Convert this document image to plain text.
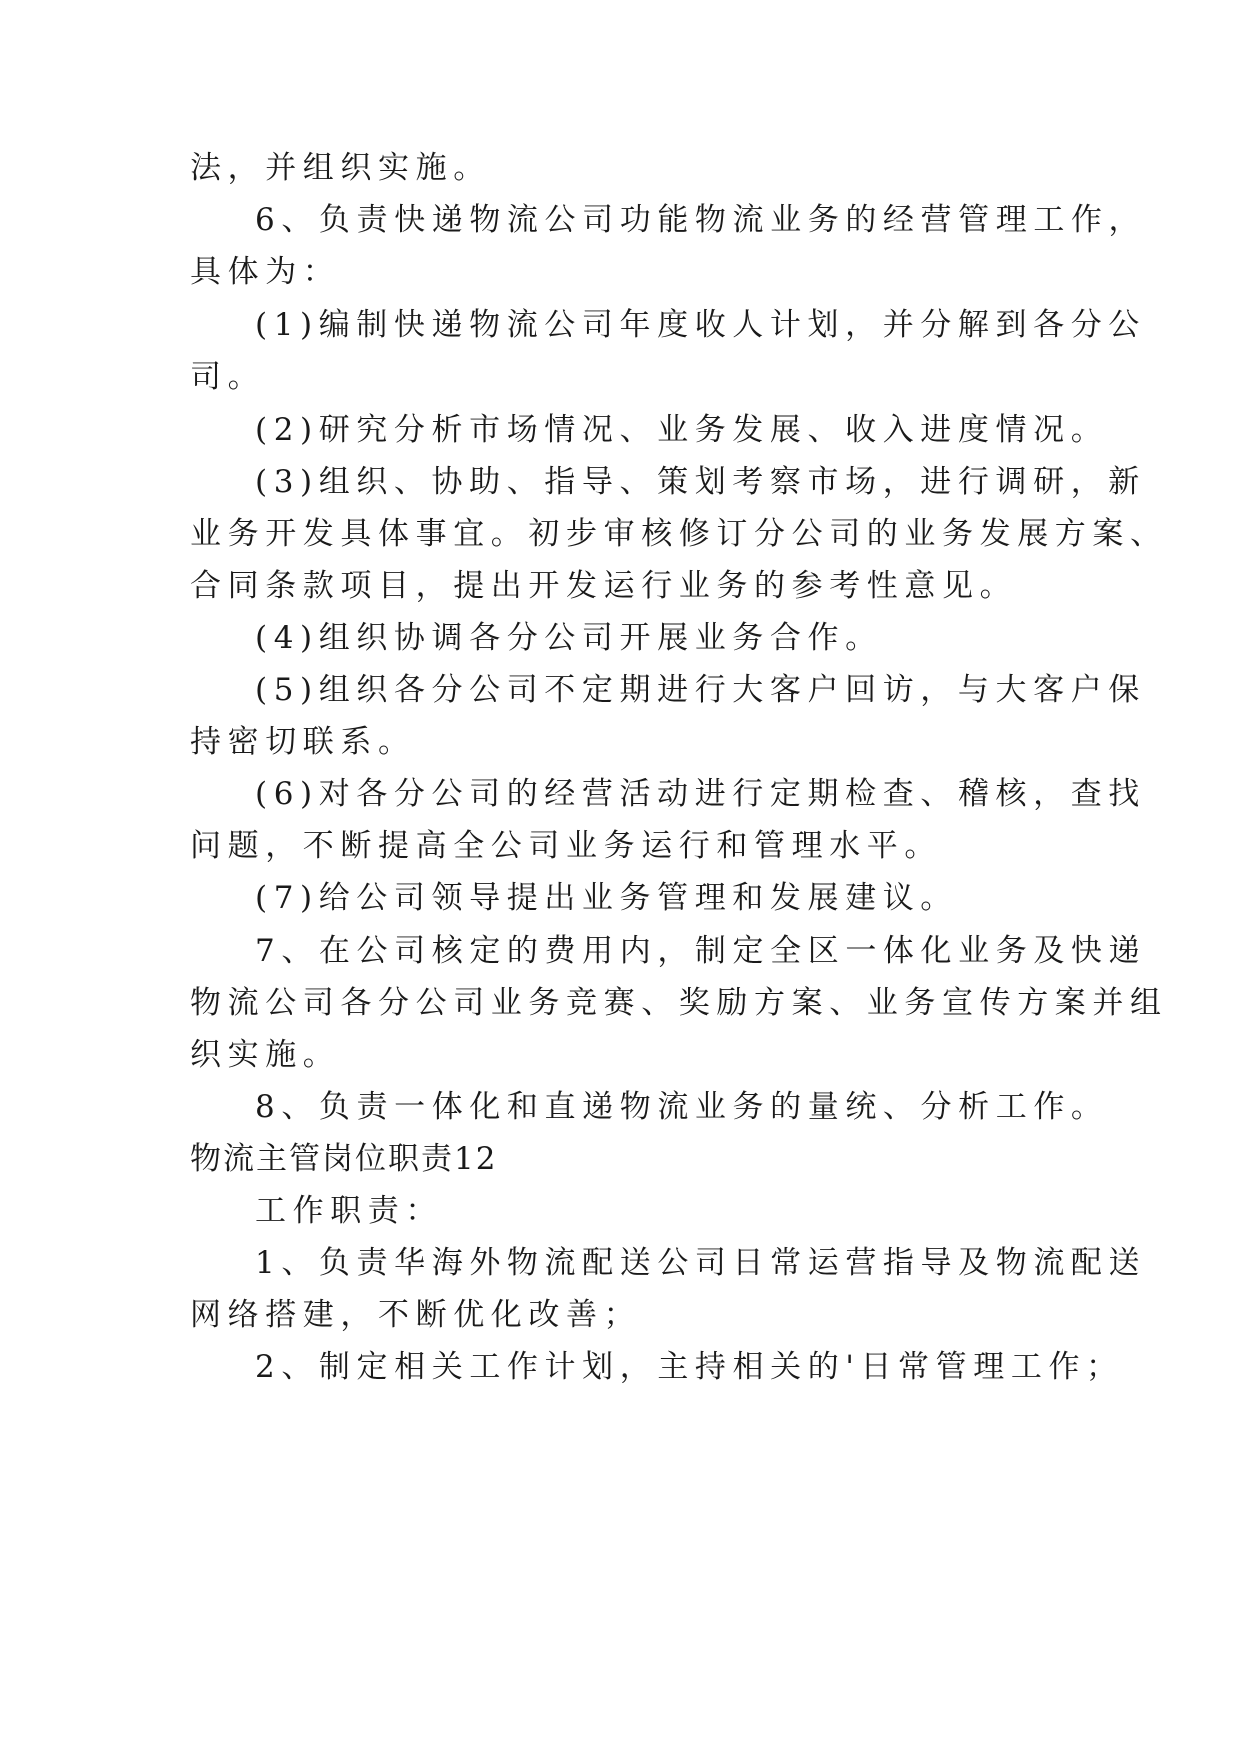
法，并组织实施。
6、负责快递物流公司功能物流业务的经营管理工作，
具体为：
(1)编制快递物流公司年度收人计划，并分解到各分公
司。
(2)研究分析市场情况、业务发展、收入进度情况。
(3)组织、协助、指导、策划考察市场，进行调研，新
业务开发具体事宜。初步审核修订分公司的业务发展方案、
合同条款项目，提出开发运行业务的参考性意见。
(4)组织协调各分公司开展业务合作。
(5)组织各分公司不定期进行大客户回访，与大客户保
持密切联系。
(6)对各分公司的经营活动进行定期检查、稽核，查找
问题，不断提高全公司业务运行和管理水平。
(7)给公司领导提出业务管理和发展建议。
7、在公司核定的费用内，制定全区一体化业务及快递
物流公司各分公司业务竞赛、奖励方案、业务宣传方案并组
织实施。
8、负责一体化和直递物流业务的量统、分析工作。
物流主管岗位职责12
工作职责：
1、负责华海外物流配送公司日常运营指导及物流配送
网络搭建，不断优化改善；
2、制定相关工作计划，主持相关的'日常管理工作；
